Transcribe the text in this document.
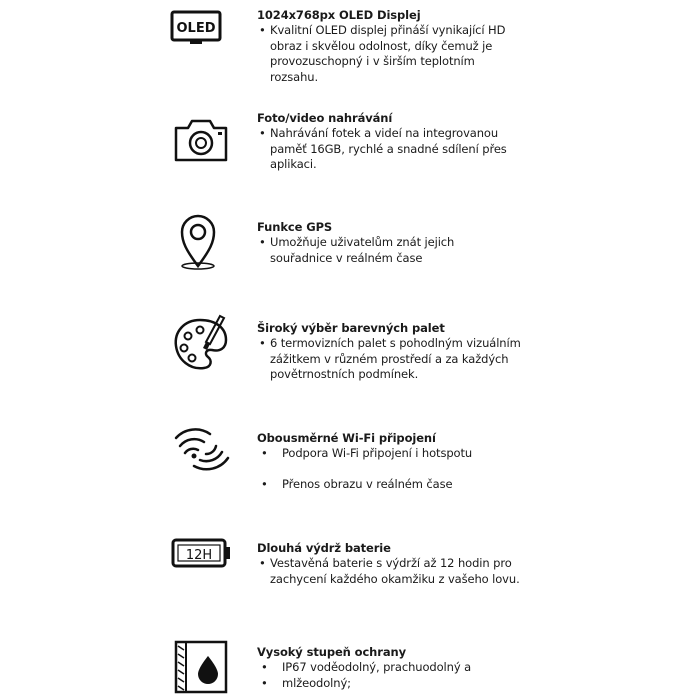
OLED
1024x768px OLED Displej
• Kvalitní OLED displej přináší vynikající HD obraz i skvělou odolnost, díky čemuž je provozuschopný i v širším teplotním rozsahu.
Foto/video nahrávání
• Nahrávání fotek a videí na integrovanou paměť 16GB, rychlé a snadné sdílení přes aplikaci.
Funkce GPS
• Umožňuje uživatelům znát jejich souřadnice v reálném čase
Široký výběr barevných palet
• 6 termovizních palet s pohodlným vizuálním zážitkem v různém prostředí a za každých povětrnostních podmínek.
Obousměrné Wi-Fi připojení
• Podpora Wi-Fi připojení i hotspotu
• Přenos obrazu v reálném čase
12H	Dlouhá výdrž baterie
• Vestavěná baterie s výdrží až 12 hodin pro zachycení každého okamžiku z vašeho lovu.
Vysoký stupeň ochrany
• IP67 voděodolný, prachuodolný a
• mlžeodolný;
